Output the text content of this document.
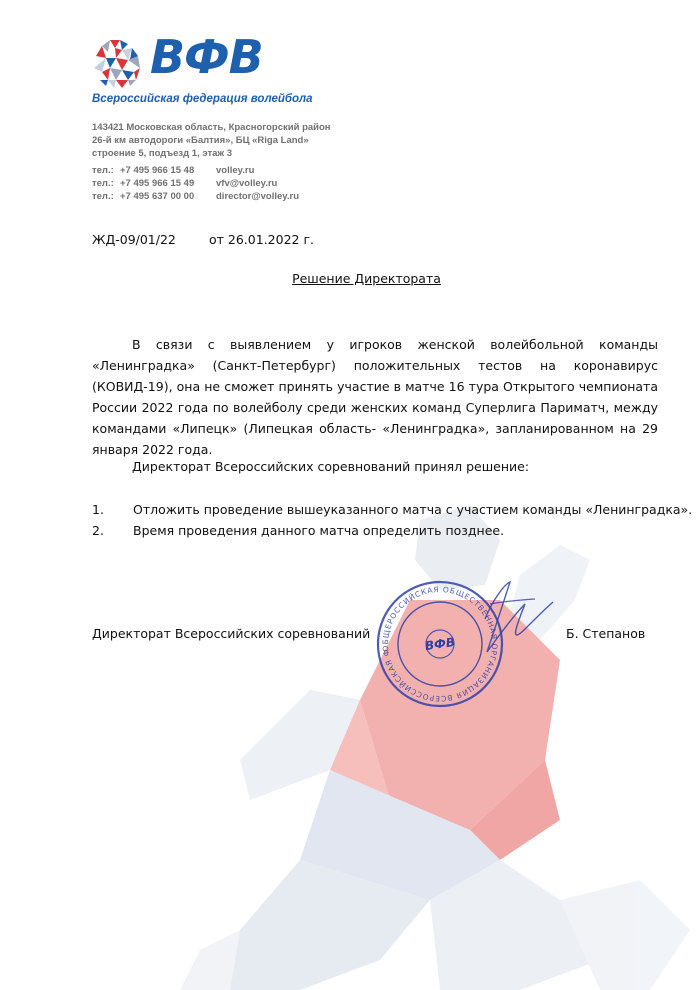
ВФВ
Всероссийская федерация волейбола
143421 Московская область, Красногорский район
26-й км автодороги «Балтия», БЦ «Riga Land»
строение 5, подъезд 1, этаж 3
тел.: +7 495 966 15 48	volley.ru
тел.: +7 495 966 15 49	vfv@volley.ru
тел.: +7 495 637 00 00	director@volley.ru
ЖД-09/01/22	от 26.01.2022 г.
Решение Директората
В связи с выявлением у игроков женской волейбольной команды «Ленинградка» (Санкт-Петербург) положительных тестов на коронавирус (КОВИД-19), она не сможет принять участие в матче 16 тура Открытого чемпионата России 2022 года по волейболу среди женских команд Суперлига Париматч, между командами «Липецк» (Липецкая область- «Ленинградка», запланированном на 29 января 2022 года.
Директорат Всероссийских соревнований принял решение:
1.	Отложить проведение вышеуказанного матча с участием команды «Ленинградка».
2.	Время проведения данного матча определить позднее.
ОБЩЕРОССИЙСКАЯ ОБЩЕСТВЕННАЯ ОРГАНИЗАЦИЯ ВСЕРОССИЙСКАЯ ФЕДЕРАЦИЯ
ВФВ
Директорат Всероссийских соревнований	Б. Степанов
